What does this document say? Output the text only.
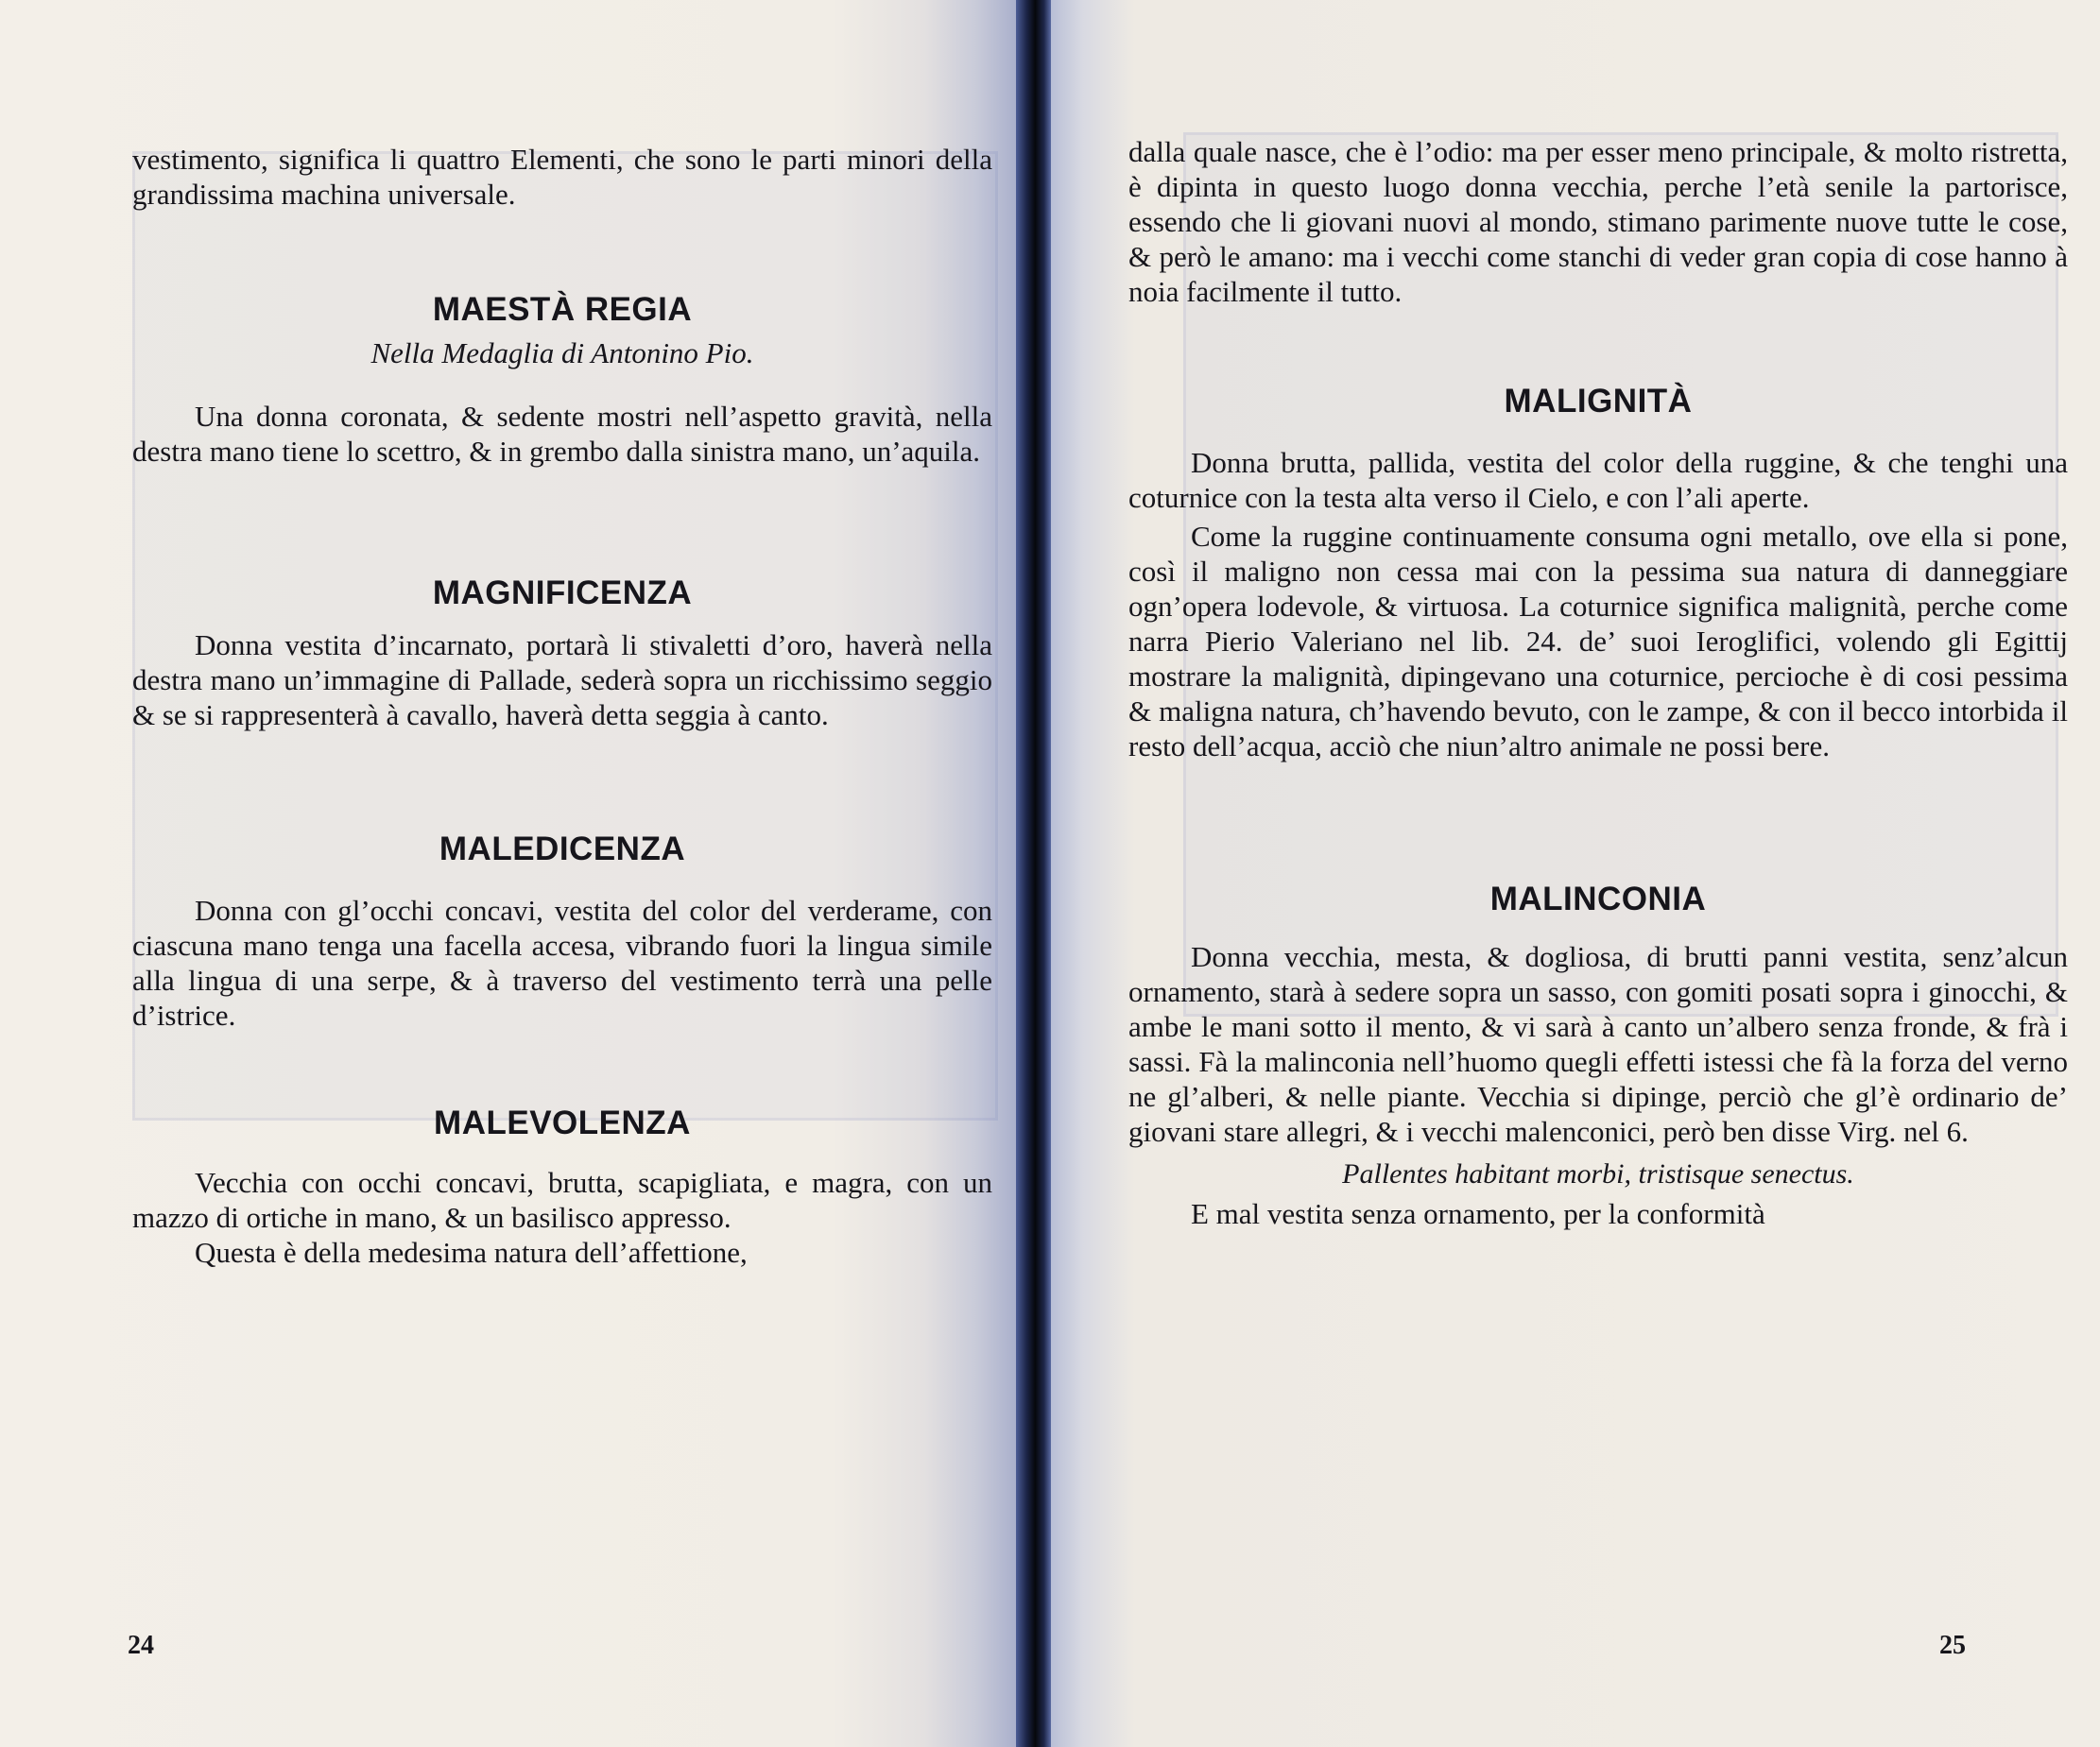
vestimento, significa li quattro Elementi, che sono le parti minori della grandissima machina universale.

MAESTÀ REGIA

Nella Medaglia di Antonino Pio.

Una donna coronata, & sedente mostri nell’aspetto gravità, nella destra mano tiene lo scettro, & in grembo dalla sinistra mano, un’aquila.

MAGNIFICENZA

Donna vestita d’incarnato, portarà li stivaletti d’oro, haverà nella destra mano un’immagine di Pallade, sederà sopra un ricchissimo seggio & se si rappresenterà à cavallo, haverà detta seggia à canto.

MALEDICENZA

Donna con gl’occhi concavi, vestita del color del verderame, con ciascuna mano tenga una facella accesa, vibrando fuori la lingua simile alla lingua di una serpe, & à traverso del vestimento terrà una pelle d’istrice.

MALEVOLENZA

Vecchia con occhi concavi, brutta, scapigliata, e magra, con un mazzo di ortiche in mano, & un basilisco appresso.

Questa è della medesima natura dell’affettione,

24

dalla quale nasce, che è l’odio: ma per esser meno principale, & molto ristretta, è dipinta in questo luogo donna vecchia, perche l’età senile la partorisce, essendo che li giovani nuovi al mondo, stimano parimente nuove tutte le cose, & però le amano: ma i vecchi come stanchi di veder gran copia di cose hanno à noia facilmente il tutto.

MALIGNITÀ

Donna brutta, pallida, vestita del color della ruggine, & che tenghi una coturnice con la testa alta verso il Cielo, e con l’ali aperte.

Come la ruggine continuamente consuma ogni metallo, ove ella si pone, così il maligno non cessa mai con la pessima sua natura di danneggiare ogn’opera lodevole, & virtuosa. La coturnice significa malignità, perche come narra Pierio Valeriano nel lib. 24. de’ suoi Ieroglifici, volendo gli Egittij mostrare la malignità, dipingevano una coturnice, percioche è di cosi pessima & maligna natura, ch’havendo bevuto, con le zampe, & con il becco intorbida il resto dell’acqua, acciò che niun’altro animale ne possi bere.

MALINCONIA

Donna vecchia, mesta, & dogliosa, di brutti panni vestita, senz’alcun ornamento, starà à sedere sopra un sasso, con gomiti posati sopra i ginocchi, & ambe le mani sotto il mento, & vi sarà à canto un’albero senza fronde, & frà i sassi. Fà la malinconia nell’huomo quegli effetti istessi che fà la forza del verno ne gl’alberi, & nelle piante. Vecchia si dipinge, perciò che gl’è ordinario de’ giovani stare allegri, & i vecchi malenconici, però ben disse Virg. nel 6.

Pallentes habitant morbi, tristisque senectus.

E mal vestita senza ornamento, per la conformità

25
